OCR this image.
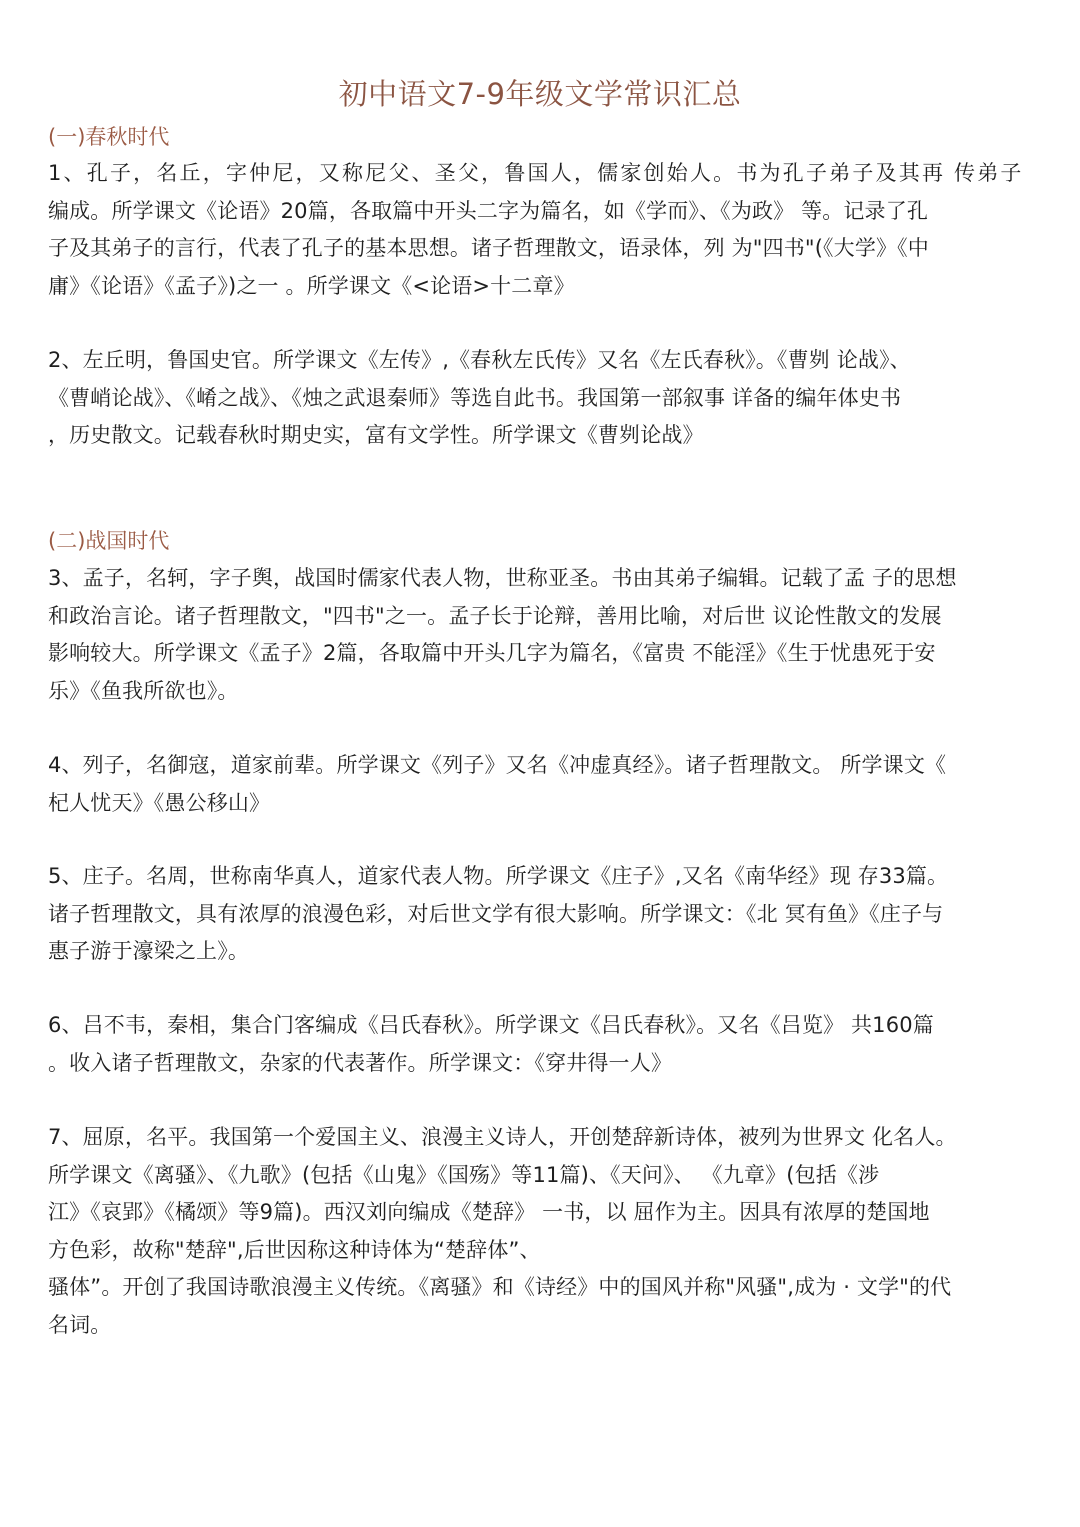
初中语文7-9年级文学常识汇总
(一)春秋时代
1、孔子，名丘，字仲尼，又称尼父、圣父，鲁国人，儒家创始人。书为孔子弟子及其再 传弟子
编成。所学课文《论语》20篇，各取篇中开头二字为篇名，如《学而》、《为政》 等。记录了孔
子及其弟子的言行，代表了孔子的基本思想。诸子哲理散文，语录体，列 为"四书"(《大学》《中
庸》《论语》《孟子》)之一 。所学课文《<论语>十二章》
2、左丘明，鲁国史官。所学课文《左传》,《春秋左氏传》又名《左氏春秋》。《曹刿 论战》、
《曹峭论战》、《崤之战》、《烛之武退秦师》等选自此书。我国第一部叙事 详备的编年体史书
，历史散文。记载春秋时期史实，富有文学性。所学课文《曹刿论战》
(二)战国时代
3、孟子，名轲，字子舆，战国时儒家代表人物，世称亚圣。书由其弟子编辑。记载了孟 子的思想
和政治言论。诸子哲理散文，"四书"之一。孟子长于论辩，善用比喻，对后世 议论性散文的发展
影响较大。所学课文《孟子》2篇，各取篇中开头几字为篇名，《富贵 不能淫》《生于忧患死于安
乐》《鱼我所欲也》。
4、列子，名御寇，道家前辈。所学课文《列子》又名《冲虚真经》。诸子哲理散文。 所学课文《
杞人忧天》《愚公移山》
5、庄子。名周，世称南华真人，道家代表人物。所学课文《庄子》,又名《南华经》现 存33篇。
诸子哲理散文，具有浓厚的浪漫色彩，对后世文学有很大影响。所学课文：《北 冥有鱼》《庄子与
惠子游于濠梁之上》。
6、吕不韦，秦相，集合门客编成《吕氏春秋》。所学课文《吕氏春秋》。又名《吕览》 共160篇
。收入诸子哲理散文，杂家的代表著作。所学课文：《穿井得一人》
7、屈原，名平。我国第一个爱国主义、浪漫主义诗人，开创楚辞新诗体，被列为世界文 化名人。
所学课文《离骚》、《九歌》(包括《山鬼》《国殇》等11篇)、《天问》、 《九章》(包括《涉
江》《哀郢》《橘颂》等9篇)。西汉刘向编成《楚辞》 一书，以 屈作为主。因具有浓厚的楚国地
方色彩，故称"楚辞",后世因称这种诗体为“楚辞体”、
骚体”。开创了我国诗歌浪漫主义传统。《离骚》和《诗经》中的国风并称"风骚",成为 · 文学"的代
名词。
